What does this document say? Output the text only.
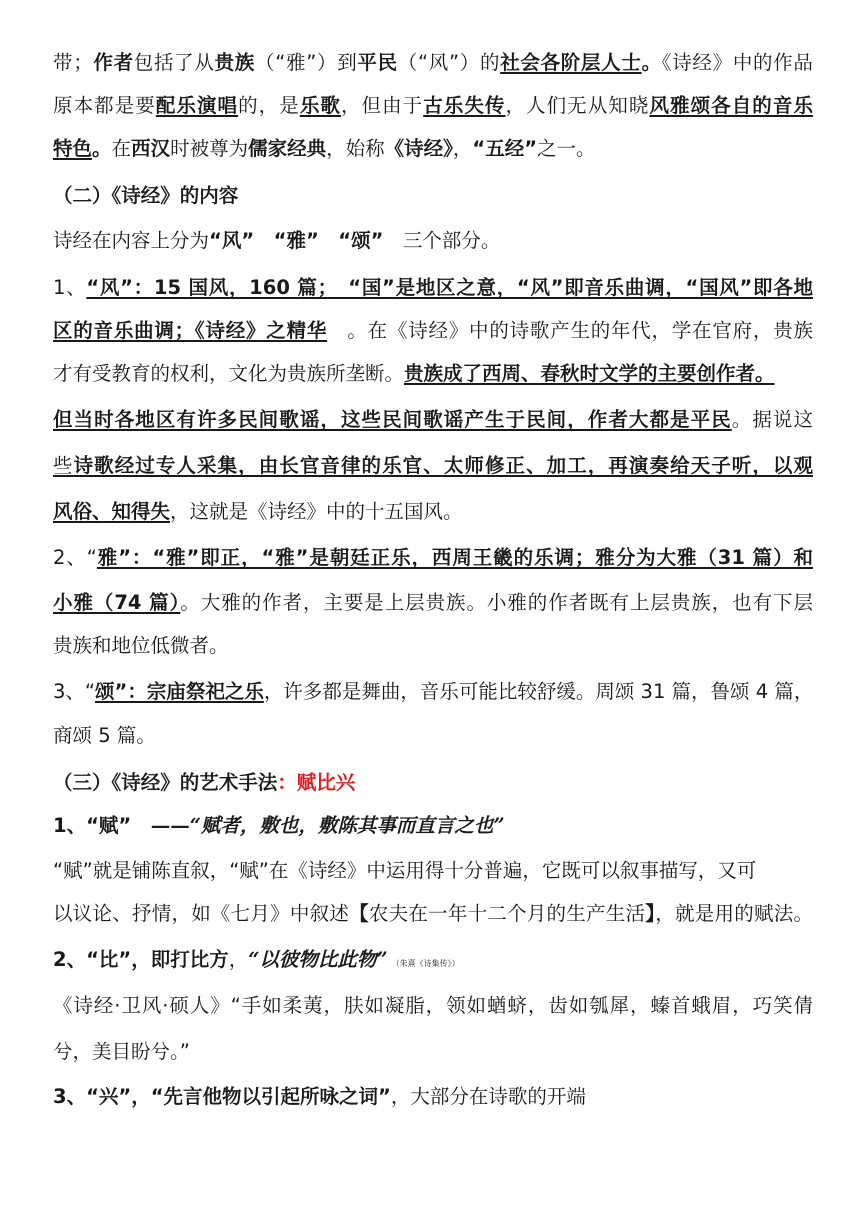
带；作者包括了从贵族（“雅”）到平民（“风”）的社会各阶层人士。《诗经》中的作品
原本都是要配乐演唱的，是乐歌，但由于古乐失传，人们无从知晓风雅颂各自的音乐
特色。在西汉时被尊为儒家经典，始称《诗经》，“五经”之一。
（二）《诗经》的内容
诗经在内容上分为“风”　“雅”　“颂”　三个部分。
1、“风”：15 国风，160 篇；　“国”是地区之意，“风”即音乐曲调，“国风”即各地
区的音乐曲调；《诗经》之精华　。在《诗经》中的诗歌产生的年代，学在官府，贵族
才有受教育的权利，文化为贵族所垄断。贵族成了西周、春秋时文学的主要创作者。
但当时各地区有许多民间歌谣，这些民间歌谣产生于民间，作者大都是平民。据说这
些诗歌经过专人采集，由长官音律的乐官、太师修正、加工，再演奏给天子听，以观
风俗、知得失，这就是《诗经》中的十五国风。
2、“雅”：“雅”即正，“雅”是朝廷正乐，西周王畿的乐调；雅分为大雅（31 篇）和
小雅（74 篇）。大雅的作者，主要是上层贵族。小雅的作者既有上层贵族，也有下层
贵族和地位低微者。
3、“颂”：宗庙祭祀之乐，许多都是舞曲，音乐可能比较舒缓。周颂 31 篇，鲁颂 4 篇，
商颂 5 篇。
（三）《诗经》的艺术手法：赋比兴
1、“赋”　——“赋者，敷也，敷陈其事而直言之也”
“赋”就是铺陈直叙，“赋”在《诗经》中运用得十分普遍，它既可以叙事描写，又可
以议论、抒情，如《七月》中叙述【农夫在一年十二个月的生产生活】，就是用的赋法。
2、“比”，即打比方，“以彼物比此物”　（朱熹《诗集传》）
《诗经·卫风·硕人》“手如柔荑，肤如凝脂，领如蝤蛴，齿如瓠犀，螓首蛾眉，巧笑倩
兮，美目盼兮。”
3、“兴”，“先言他物以引起所咏之词”，大部分在诗歌的开端
